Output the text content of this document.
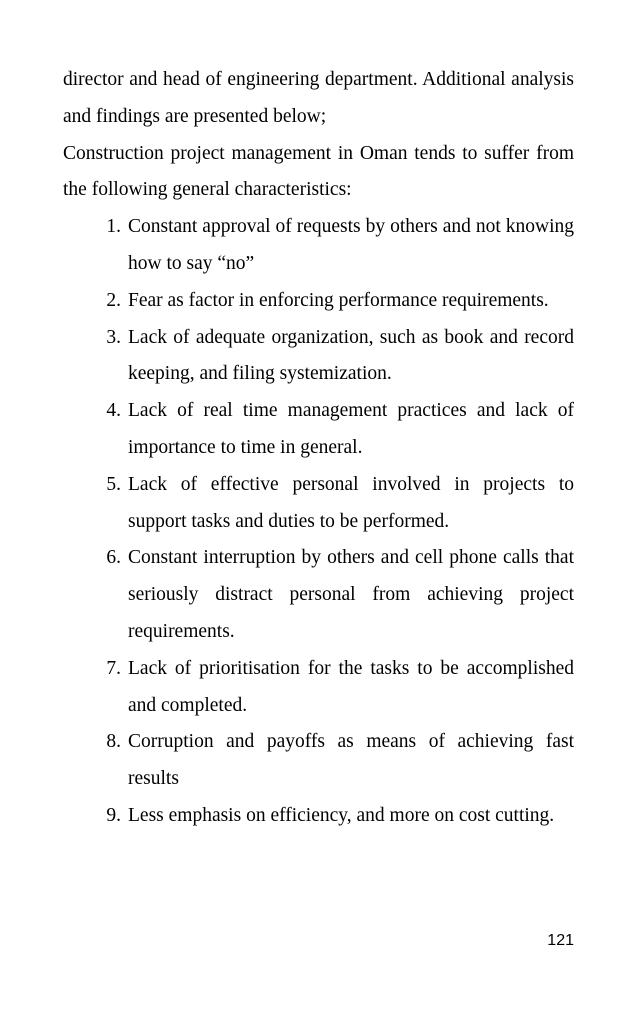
director and head of engineering department. Additional analysis and findings are presented below;

Construction project management in Oman tends to suffer from the following general characteristics:

1. Constant approval of requests by others and not knowing how to say “no”
2. Fear as factor in enforcing performance requirements.
3. Lack of adequate organization, such as book and record keeping, and filing systemization.
4. Lack of real time management practices and lack of importance to time in general.
5. Lack of effective personal involved in projects to support tasks and duties to be performed.
6. Constant interruption by others and cell phone calls that seriously distract personal from achieving project requirements.
7. Lack of prioritisation for the tasks to be accomplished and completed.
8. Corruption and payoffs as means of achieving fast results
9. Less emphasis on efficiency, and more on cost cutting.
121
